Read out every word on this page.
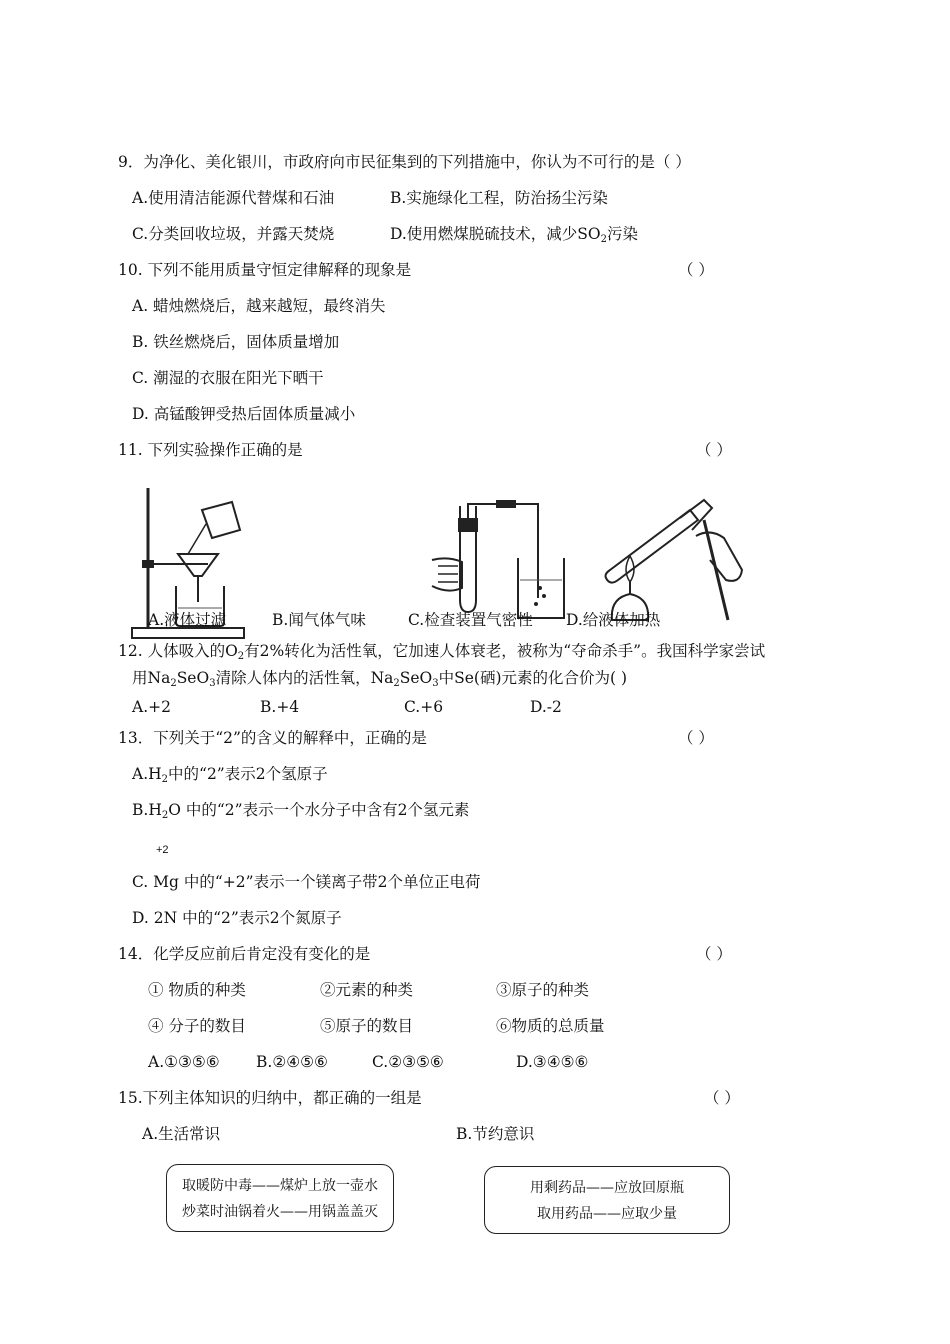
9．为净化、美化银川，市政府向市民征集到的下列措施中，你认为不可行的是（ ）
A.使用清洁能源代替煤和石油	B.实施绿化工程，防治扬尘污染
C.分类回收垃圾，并露天焚烧	D.使用燃煤脱硫技术，减少$SO_2$污染
10. 下列不能用质量守恒定律解释的现象是	（ ）
A. 蜡烛燃烧后，越来越短，最终消失
B. 铁丝燃烧后，固体质量增加
C. 潮湿的衣服在阳光下晒干
D. 高锰酸钾受热后固体质量减小
11. 下列实验操作正确的是	（ ）
A.液体过滤	B.闻气体气味	C.检查装置气密性 D.给液体加热
12. 人体吸入的$O_2$有2%转化为活性氧，它加速人体衰老，被称为“夺命杀手”。我国科学家尝试
用$Na_2SeO_3$清除人体内的活性氧，$Na_2SeO_3$中Se(硒)元素的化合价为( )
A.+2	B.+4	C.+6	D.-2
13．下列关于“2”的含义的解释中，正确的是	（ ）
$A.H_2$中的“2”表示2个氢原子
$B.H_2O$ 中的“2”表示一个水分子中含有2个氢元素
+2
C. Mg 中的“+2”表示一个镁离子带2个单位正电荷
D. 2N 中的“2”表示2个氮原子
14．化学反应前后肯定没有变化的是	（ ）
① 物质的种类	②元素的种类	③原子的种类
④ 分子的数目	⑤原子的数目	⑥物质的总质量
A.①③⑤⑥ B.②④⑤⑥	C.②③⑤⑥	D.③④⑤⑥
15.下列主体知识的归纳中，都正确的一组是	（ ）
A.生活常识	B.节约意识
取暖防中毒——煤炉上放一壶水
炒菜时油锅着火——用锅盖盖灭
用剩药品——应放回原瓶
取用药品——应取少量
